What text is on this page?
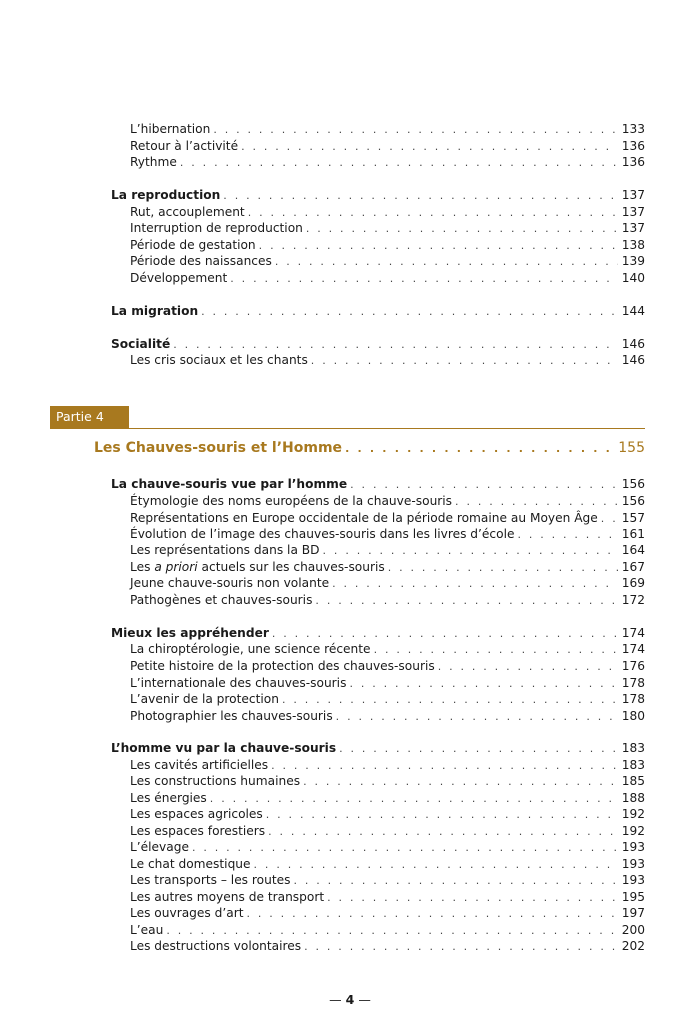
L’hibernation . . .	133
Retour à l’activité . . .	136
Rythme . . .	136
La reproduction . . .	137
Rut, accouplement . . .	137
Interruption de reproduction . . .	137
Période de gestation . . .	138
Période des naissances . . .	139
Développement . . .	140
La migration . . .	144
Socialité . . .	146
Les cris sociaux et les chants . . .	146
Partie 4
Les Chauves-souris et l’Homme . . .	155
La chauve-souris vue par l’homme . . .	156
Étymologie des noms européens de la chauve-souris . . .	156
Représentations en Europe occidentale de la période romaine au Moyen Âge . . .	157
Évolution de l’image des chauves-souris dans les livres d’école . . .	161
Les représentations dans la BD . . .	164
Les a priori actuels sur les chauves-souris . . .	167
Jeune chauve-souris non volante . . .	169
Pathogènes et chauves-souris . . .	172
Mieux les appréhender . . .	174
La chiroptérologie, une science récente . . .	174
Petite histoire de la protection des chauves-souris . . .	176
L’internationale des chauves-souris . . .	178
L’avenir de la protection . . .	178
Photographier les chauves-souris . . .	180
L’homme vu par la chauve-souris . . .	183
Les cavités artificielles . . .	183
Les constructions humaines . . .	185
Les énergies . . .	188
Les espaces agricoles . . .	192
Les espaces forestiers . . .	192
L’élevage . . .	193
Le chat domestique . . .	193
Les transports – les routes . . .	193
Les autres moyens de transport . . .	195
Les ouvrages d’art . . .	197
L’eau . . .	200
Les destructions volontaires . . .	202
— 4 —
